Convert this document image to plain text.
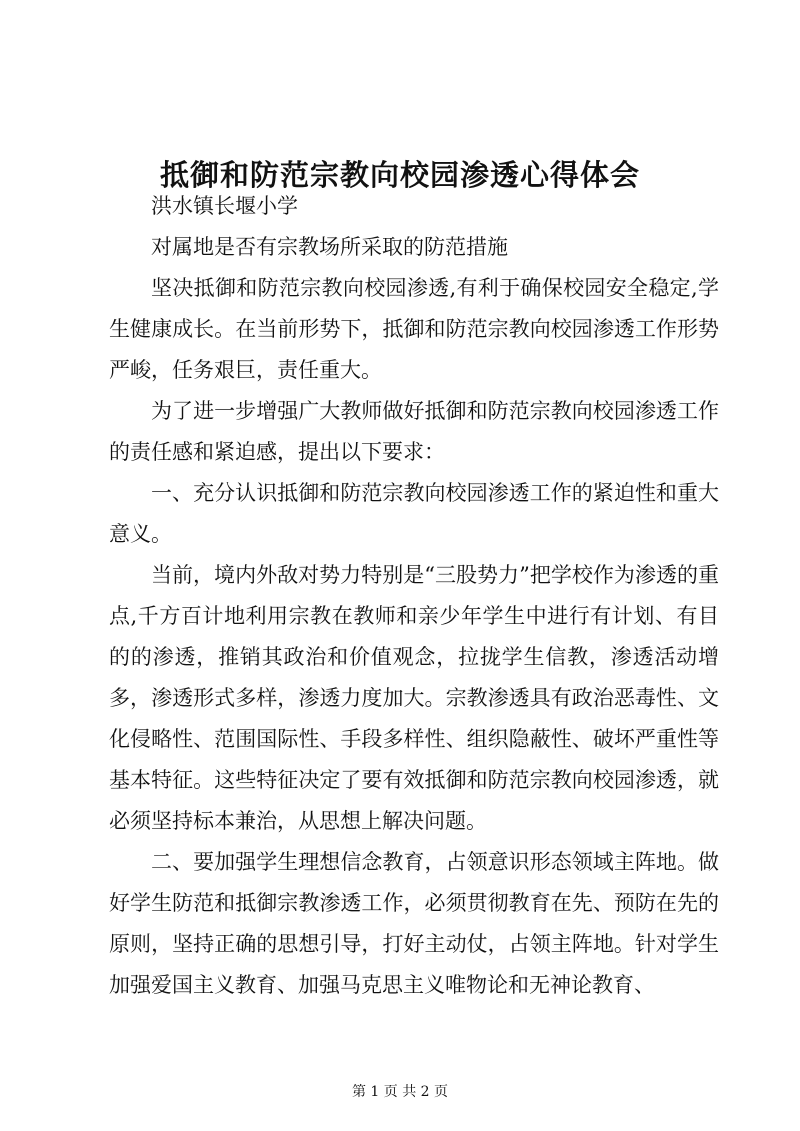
抵御和防范宗教向校园渗透心得体会

洪水镇长堰小学

对属地是否有宗教场所采取的防范措施

坚决抵御和防范宗教向校园渗透,有利于确保校园安全稳定,学生健康成长。在当前形势下，抵御和防范宗教向校园渗透工作形势严峻，任务艰巨，责任重大。

为了进一步增强广大教师做好抵御和防范宗教向校园渗透工作的责任感和紧迫感，提出以下要求：

一、充分认识抵御和防范宗教向校园渗透工作的紧迫性和重大意义。

当前，境内外敌对势力特别是“三股势力”把学校作为渗透的重点,千方百计地利用宗教在教师和亲少年学生中进行有计划、有目的的渗透，推销其政治和价值观念，拉拢学生信教，渗透活动增多，渗透形式多样，渗透力度加大。宗教渗透具有政治恶毒性、文化侵略性、范围国际性、手段多样性、组织隐蔽性、破坏严重性等基本特征。这些特征决定了要有效抵御和防范宗教向校园渗透，就必须坚持标本兼治，从思想上解决问题。

二、要加强学生理想信念教育，占领意识形态领域主阵地。做好学生防范和抵御宗教渗透工作，必须贯彻教育在先、预防在先的原则，坚持正确的思想引导，打好主动仗，占领主阵地。针对学生加强爱国主义教育、加强马克思主义唯物论和无神论教育、

第 1 页 共 2 页
